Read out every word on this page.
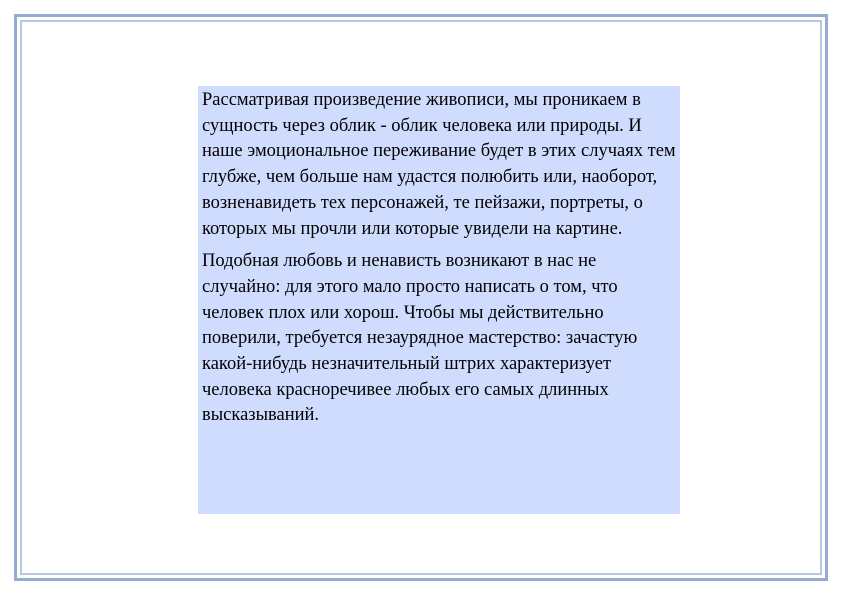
Рассматривая произведение живописи, мы проникаем в сущность через облик - облик человека или природы. И наше эмоциональное переживание будет в этих случаях тем глубже, чем больше нам удастся полюбить или, наоборот, возненавидеть тех персонажей, те пейзажи, портреты, о которых мы прочли или которые увидели на картине.

Подобная любовь и ненависть возникают в нас не случайно: для этого мало просто написать о том, что человек плох или хорош. Чтобы мы действительно поверили, требуется незаурядное мастерство: зачастую какой-нибудь незначительный штрих характеризует человека красноречивее любых его самых длинных высказываний.
